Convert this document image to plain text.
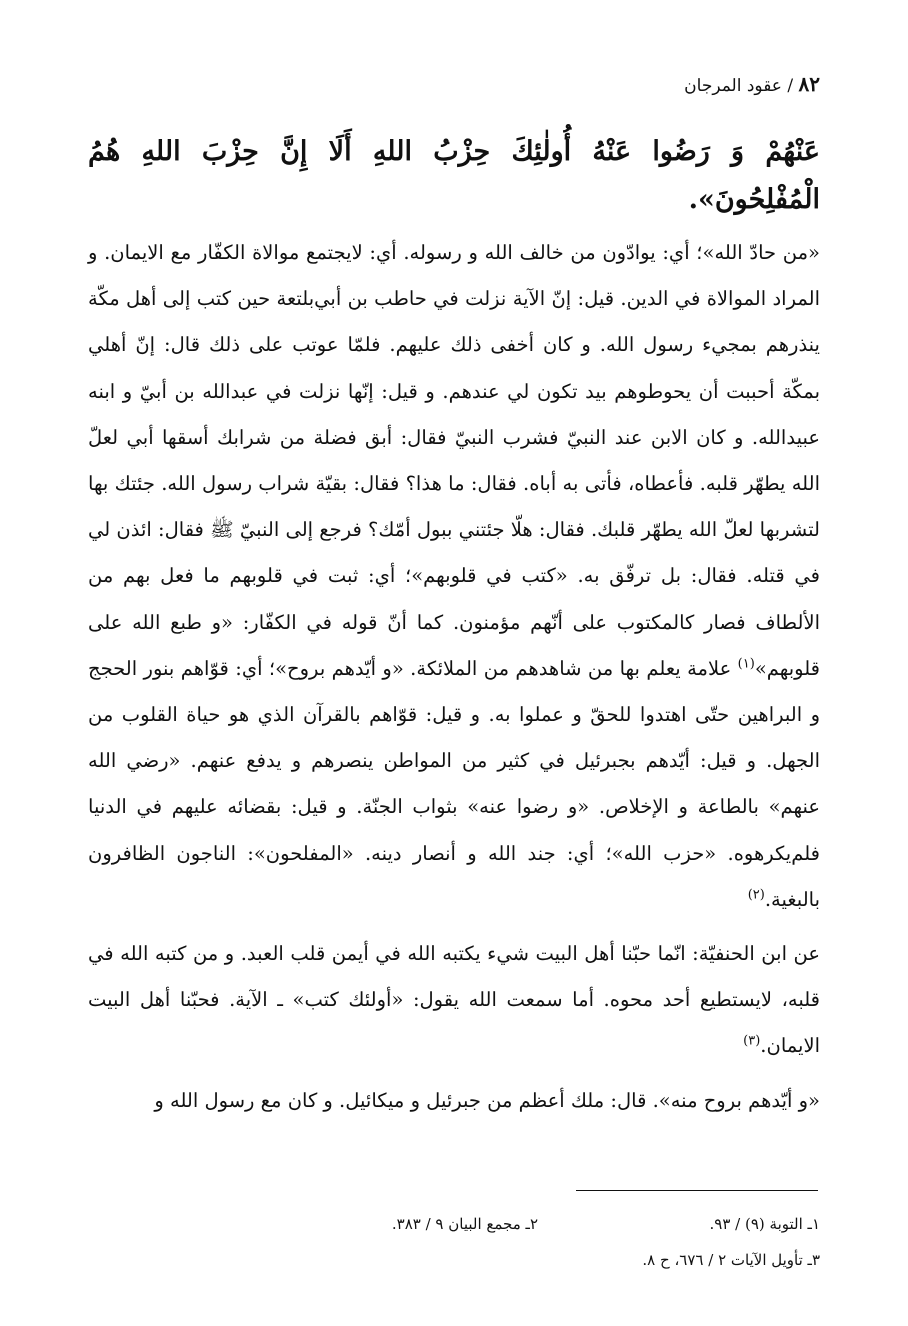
٨٢ / عقود المرجان

عَنْهُمْ وَ رَضُوا عَنْهُ أُولٰئِكَ حِزْبُ اللهِ أَلَا إِنَّ حِزْبَ اللهِ هُمُ الْمُفْلِحُونَ».

«من حادّ الله»؛ أي: يوادّون من خالف الله و رسوله. أي: لايجتمع موالاة الكفّار مع الايمان. و المراد الموالاة في الدين. قيل: إنّ الآية نزلت في حاطب بن أبي‌بلتعة حين كتب إلى أهل مكّة ينذرهم بمجيء رسول الله. و كان أخفى ذلك عليهم. فلمّا عوتب على ذلك قال: إنّ أهلي بمكّة أحببت أن يحوطوهم بيد تكون لي عندهم. و قيل: إنّها نزلت في عبدالله بن أبيّ و ابنه عبيدالله. و كان الابن عند النبيّ فشرب النبيّ فقال: أبق فضلة من شرابك أسقها أبي لعلّ الله يطهّر قلبه. فأعطاه، فأتى به أباه. فقال: ما هذا؟ فقال: بقيّة شراب رسول الله. جئتك بها لتشربها لعلّ الله يطهّر قلبك. فقال: هلّا جئتني ببول أمّك؟ فرجع إلى النبيّ ﷺ فقال: ائذن لي في قتله. فقال: بل ترفّق به. «كتب في قلوبهم»؛ أي: ثبت في قلوبهم ما فعل بهم من الألطاف فصار كالمكتوب على أنّهم مؤمنون. كما أنّ قوله في الكفّار: «و طبع الله على قلوبهم»$^{(١)}$ علامة يعلم بها من شاهدهم من الملائكة. «و أيّدهم بروح»؛ أي: قوّاهم بنور الحجج و البراهين حتّى اهتدوا للحقّ و عملوا به. و قيل: قوّاهم بالقرآن الذي هو حياة القلوب من الجهل. و قيل: أيّدهم بجبرئيل في كثير من المواطن ينصرهم و يدفع عنهم. «رضي الله عنهم» بالطاعة و الإخلاص. «و رضوا عنه» بثواب الجنّة. و قيل: بقضائه عليهم في الدنيا فلم‌يكرهوه. «حزب الله»؛ أي: جند الله و أنصار دينه. «المفلحون»: الناجون الظافرون بالبغية.$^{(٢)}$

عن ابن الحنفيّة: انّما حبّنا أهل البيت شيء يكتبه الله في أيمن قلب العبد. و من كتبه الله في قلبه، لايستطيع أحد محوه. أما سمعت الله يقول: «أولئك كتب» ـ الآية. فحبّنا أهل البيت الايمان.$^{(٣)}$

«و أيّدهم بروح منه». قال: ملك أعظم من جبرئيل و ميكائيل. و كان مع رسول الله و

١ـ التوبة (٩) / ٩٣.
٢ـ مجمع البيان ٩ / ٣٨٣.
٣ـ تأويل الآيات ٢ / ٦٧٦، ح ٨.
